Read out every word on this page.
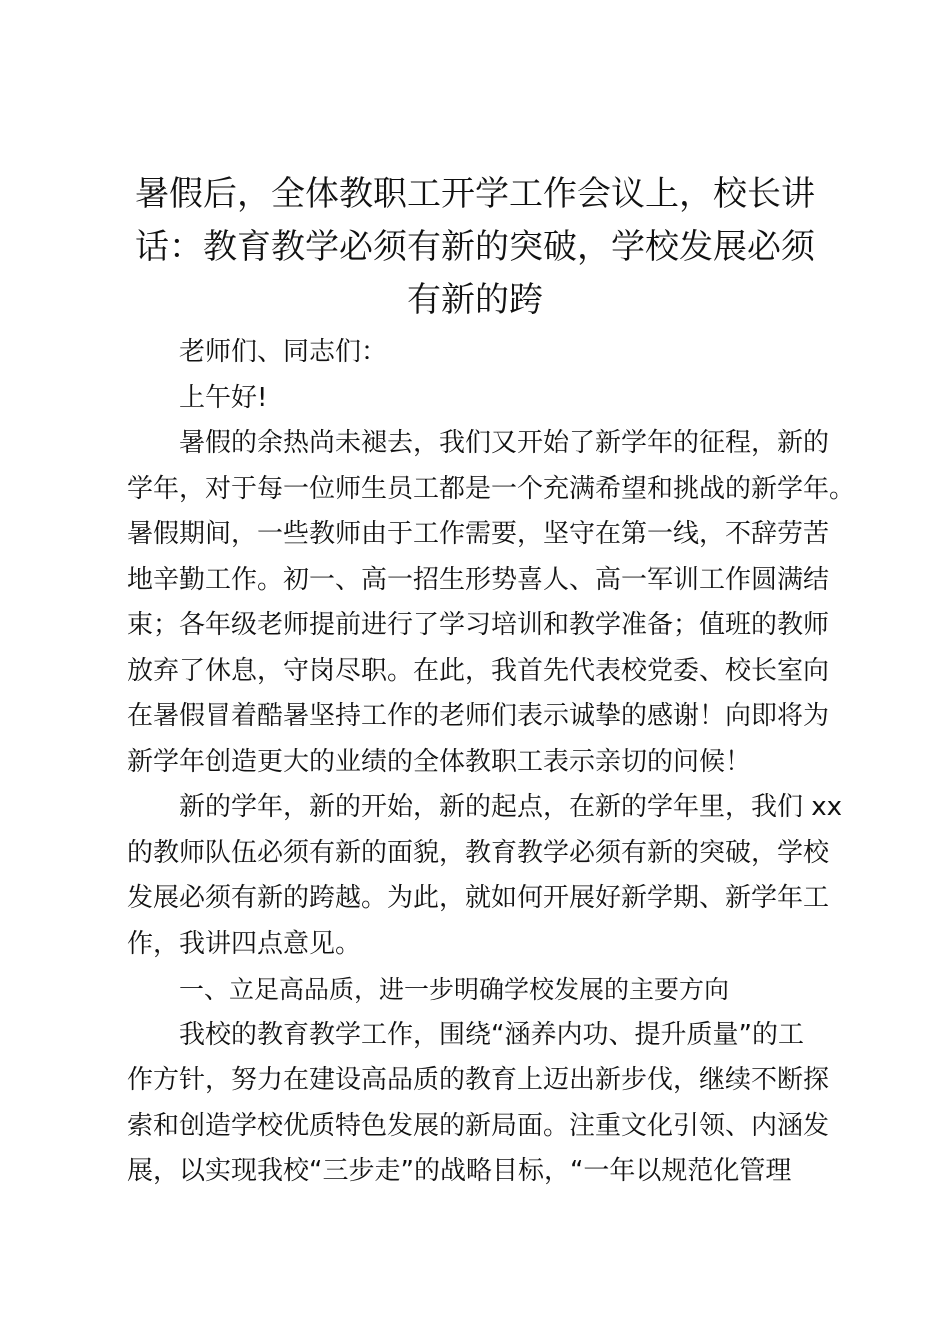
暑假后，全体教职工开学工作会议上，校长讲
话：教育教学必须有新的突破，学校发展必须
有新的跨
老师们、同志们：
上午好!
暑假的余热尚未褪去，我们又开始了新学年的征程，新的
学年，对于每一位师生员工都是一个充满希望和挑战的新学年。
暑假期间，一些教师由于工作需要，坚守在第一线，不辞劳苦
地辛勤工作。初一、高一招生形势喜人、高一军训工作圆满结
束；各年级老师提前进行了学习培训和教学准备；值班的教师
放弃了休息，守岗尽职。在此，我首先代表校党委、校长室向
在暑假冒着酷暑坚持工作的老师们表示诚挚的感谢！向即将为
新学年创造更大的业绩的全体教职工表示亲切的问候！
新的学年，新的开始，新的起点，在新的学年里，我们 xx
的教师队伍必须有新的面貌，教育教学必须有新的突破，学校
发展必须有新的跨越。为此，就如何开展好新学期、新学年工
作，我讲四点意见。
一、立足高品质，进一步明确学校发展的主要方向
我校的教育教学工作，围绕“涵养内功、提升质量”的工
作方针，努力在建设高品质的教育上迈出新步伐，继续不断探
索和创造学校优质特色发展的新局面。注重文化引领、内涵发
展，以实现我校“三步走”的战略目标，“一年以规范化管理
